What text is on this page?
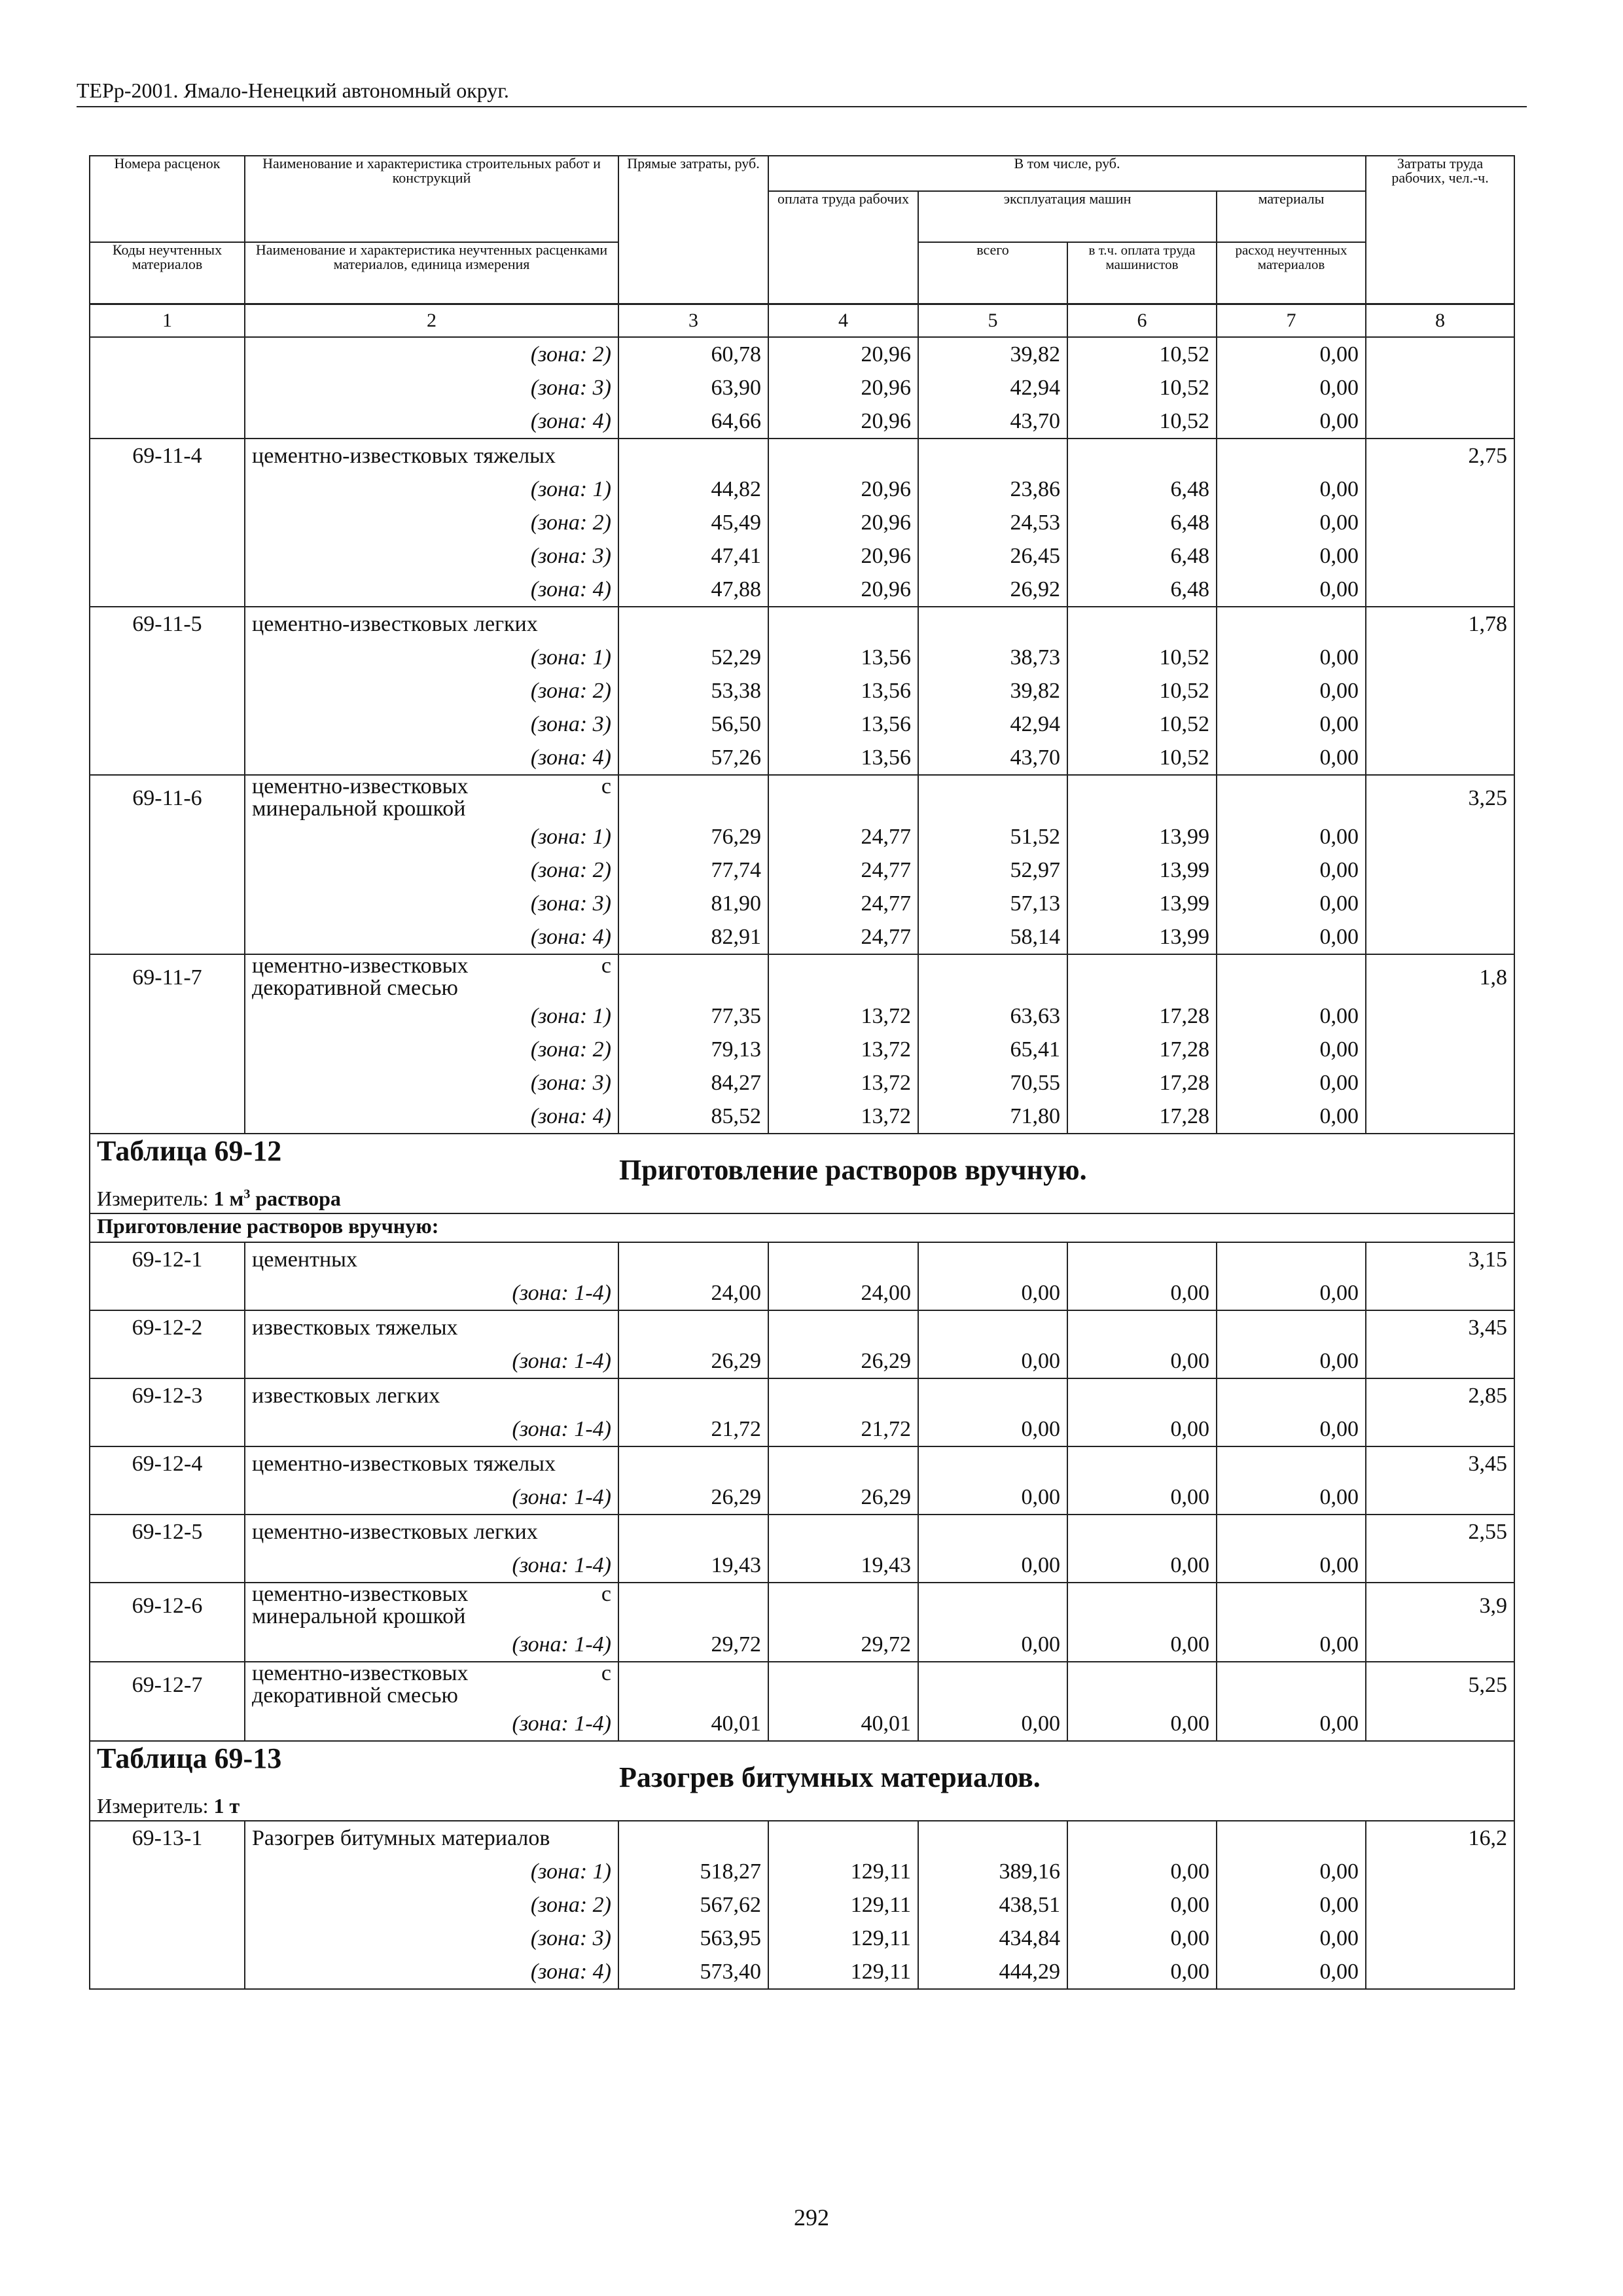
ТЕРр-2001. Ямало-Ненецкий автономный округ.
Номера расценок	Наименование и характеристика строительных работ и конструкций	Прямые затраты, руб.	В том числе, руб.				Затраты труда рабочих, чел.-ч.
			оплата труда рабочих	эксплуатация машин		материалы	
Коды неучтенных материалов	Наименование и характеристика неучтенных расценками материалов, единица измерения			всего	в т.ч. оплата труда машинистов	расход неучтенных материалов	

1	2	3	4	5	6	7	8
	(зона: 2)	60,78	20,96	39,82	10,52	0,00	
	(зона: 3)	63,90	20,96	42,94	10,52	0,00	
	(зона: 4)	64,66	20,96	43,70	10,52	0,00	
69-11-4	цементно-известковых тяжелых						2,75
	(зона: 1)	44,82	20,96	23,86	6,48	0,00	
	(зона: 2)	45,49	20,96	24,53	6,48	0,00	
	(зона: 3)	47,41	20,96	26,45	6,48	0,00	
	(зона: 4)	47,88	20,96	26,92	6,48	0,00	
69-11-5	цементно-известковых легких						1,78
	(зона: 1)	52,29	13,56	38,73	10,52	0,00	
	(зона: 2)	53,38	13,56	39,82	10,52	0,00	
	(зона: 3)	56,50	13,56	42,94	10,52	0,00	
	(зона: 4)	57,26	13,56	43,70	10,52	0,00	
69-11-6	цементно-известковых с минеральной крошкой						3,25
	(зона: 1)	76,29	24,77	51,52	13,99	0,00	
	(зона: 2)	77,74	24,77	52,97	13,99	0,00	
	(зона: 3)	81,90	24,77	57,13	13,99	0,00	
	(зона: 4)	82,91	24,77	58,14	13,99	0,00	
69-11-7	цементно-известковых с декоративной смесью						1,8
	(зона: 1)	77,35	13,72	63,63	17,28	0,00	
	(зона: 2)	79,13	13,72	65,41	17,28	0,00	
	(зона: 3)	84,27	13,72	70,55	17,28	0,00	
	(зона: 4)	85,52	13,72	71,80	17,28	0,00	
Таблица 69-12
Приготовление растворов вручную.							

Измеритель: 1 $м^3$ раствора							
Приготовление растворов вручную:							
69-12-1	цементных						3,15
	(зона: 1-4)	24,00	24,00	0,00	0,00	0,00	
69-12-2	известковых тяжелых						3,45
	(зона: 1-4)	26,29	26,29	0,00	0,00	0,00	
69-12-3	известковых легких						2,85
	(зона: 1-4)	21,72	21,72	0,00	0,00	0,00	
69-12-4	цементно-известковых тяжелых						3,45
	(зона: 1-4)	26,29	26,29	0,00	0,00	0,00	
69-12-5	цементно-известковых легких						2,55
	(зона: 1-4)	19,43	19,43	0,00	0,00	0,00	
69-12-6	цементно-известковых с минеральной крошкой						3,9
	(зона: 1-4)	29,72	29,72	0,00	0,00	0,00	
69-12-7	цементно-известковых с декоративной смесью						5,25
	(зона: 1-4)	40,01	40,01	0,00	0,00	0,00	
Таблица 69-13
Разогрев битумных материалов.							

Измеритель: 1 т							
69-13-1	Разогрев битумных материалов						16,2
	(зона: 1)	518,27	129,11	389,16	0,00	0,00	
	(зона: 2)	567,62	129,11	438,51	0,00	0,00	
	(зона: 3)	563,95	129,11	434,84	0,00	0,00	
	(зона: 4)	573,40	129,11	444,29	0,00	0,00	
292
